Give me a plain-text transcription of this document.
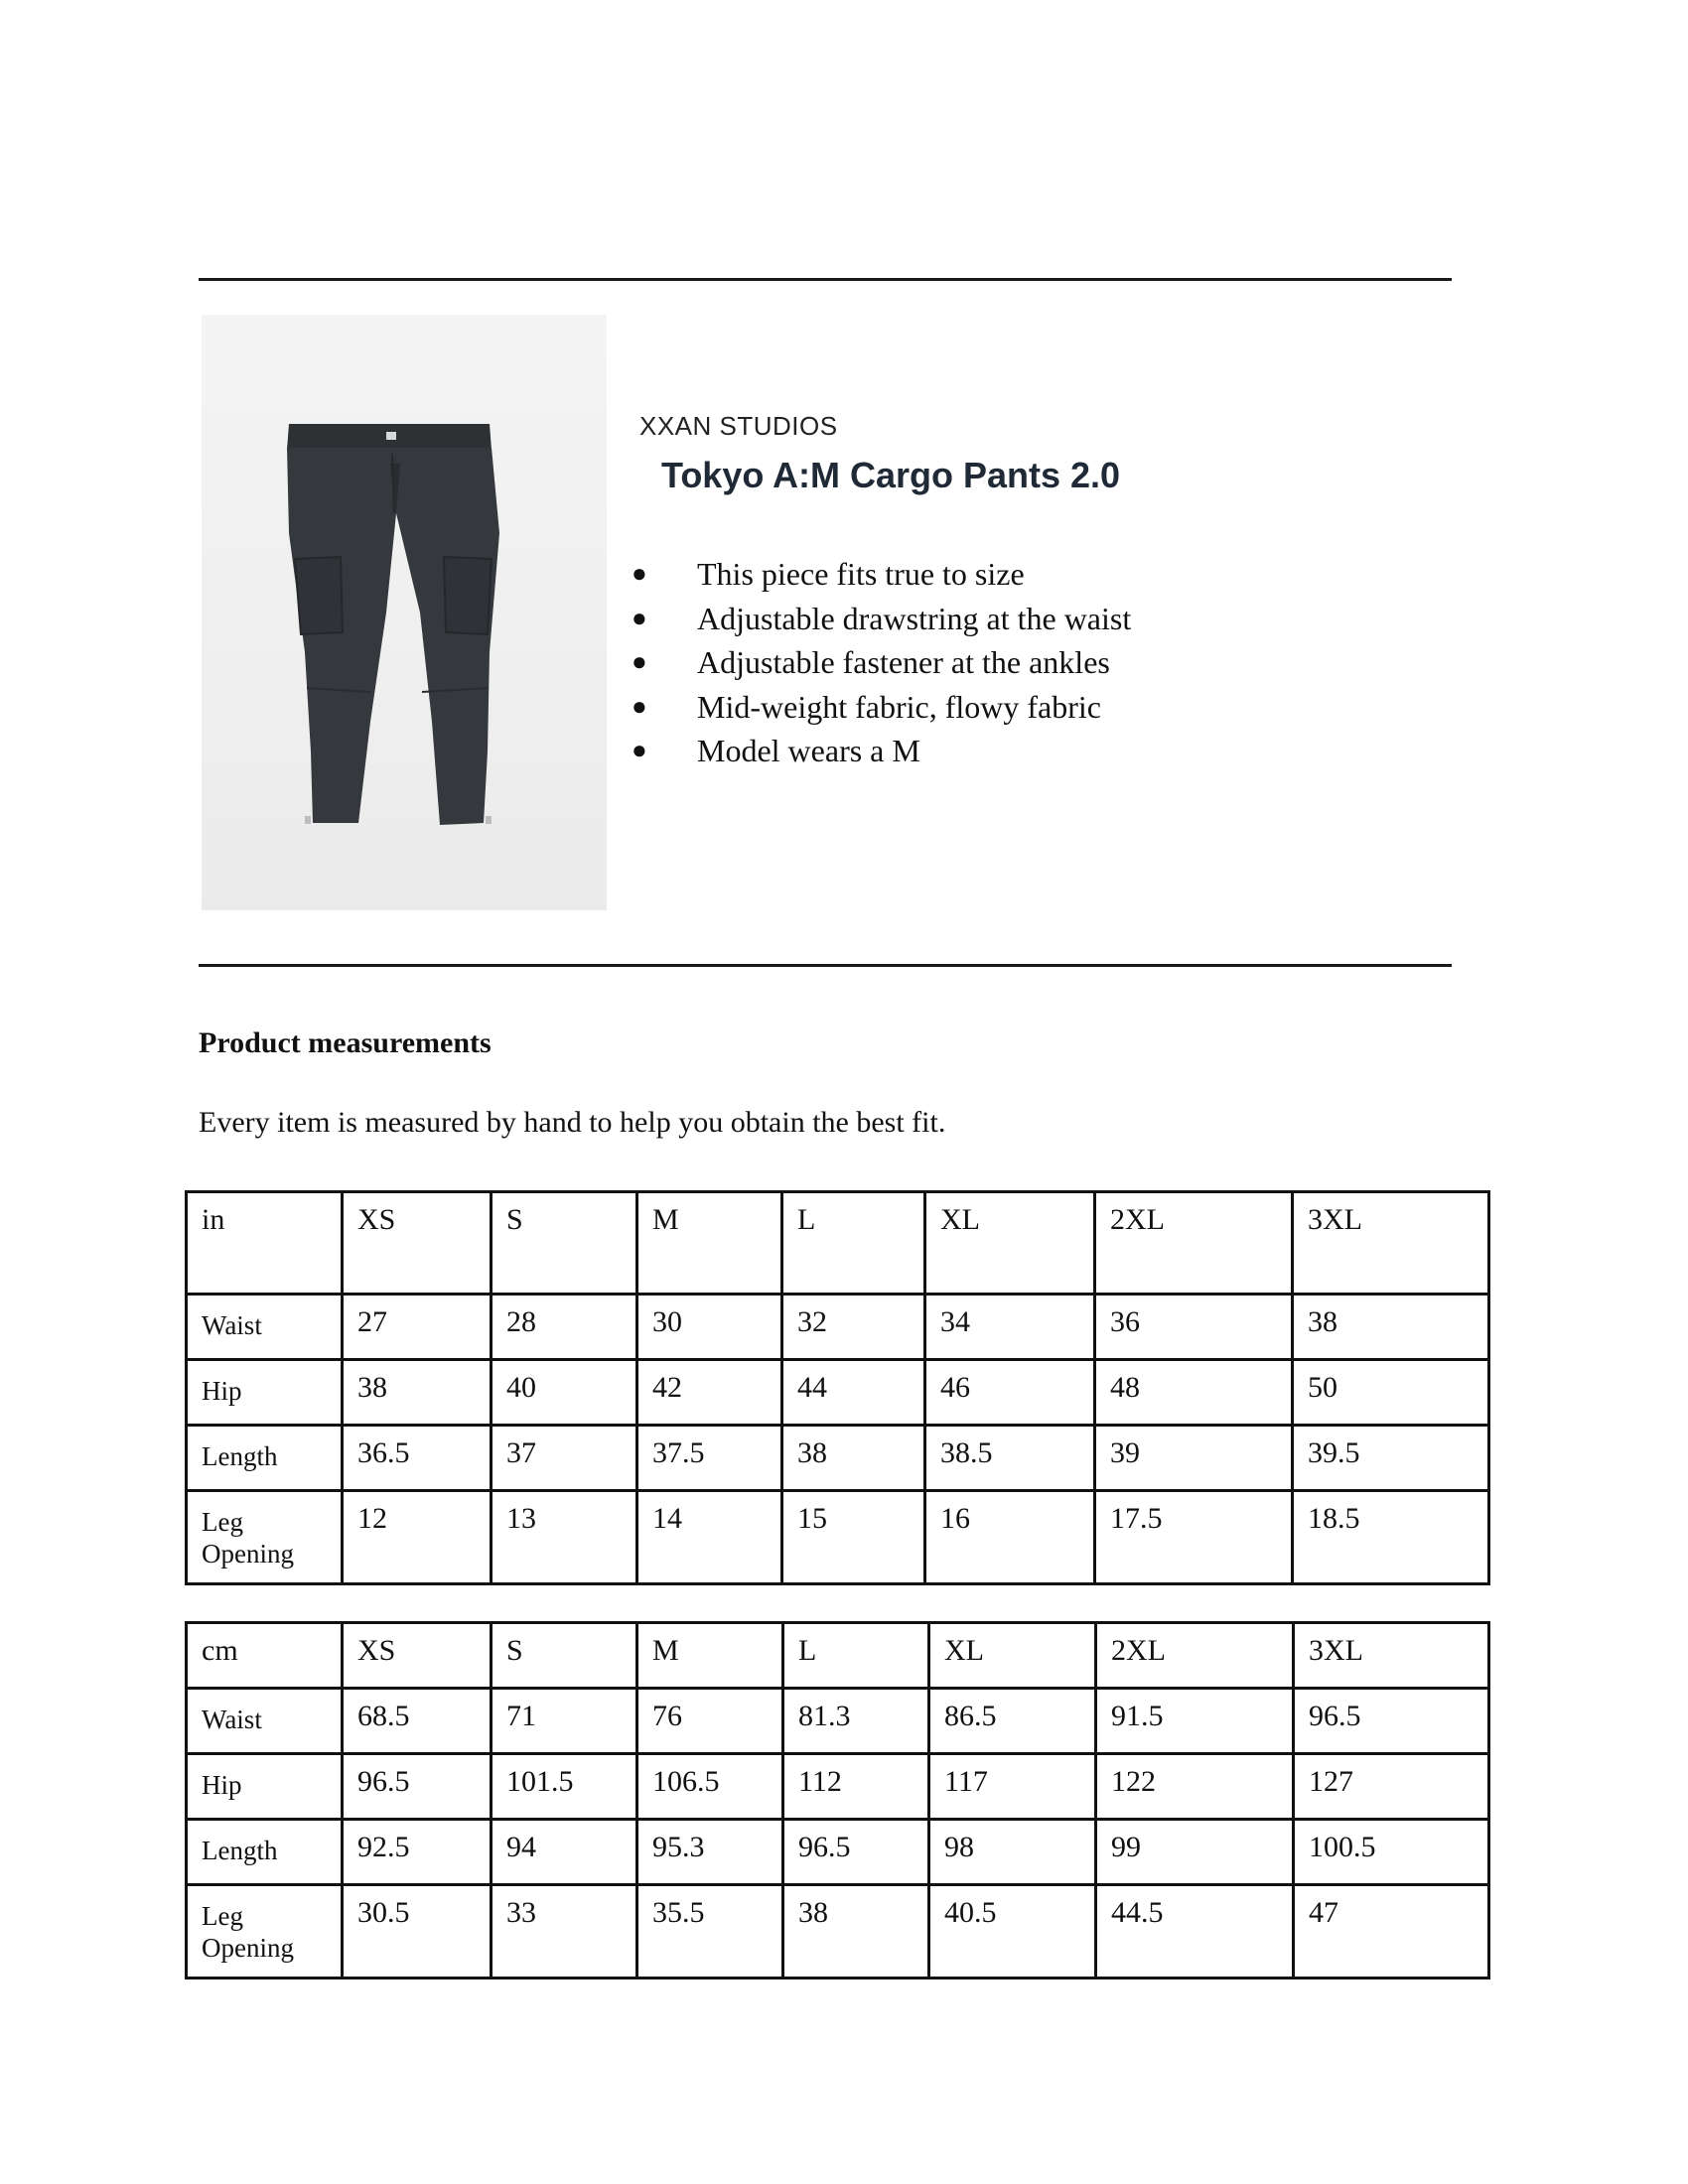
XXAN STUDIOS
Tokyo A:M Cargo Pants 2.0
● This piece fits true to size
● Adjustable drawstring at the waist
● Adjustable fastener at the ankles
● Mid-weight fabric, flowy fabric
● Model wears a M
Product measurements
Every item is measured by hand to help you obtain the best fit.
in	XS	S	M	L	XL	2XL	3XL
Waist	27	28	30	32	34	36	38
Hip	38	40	42	44	46	48	50
Length	36.5	37	37.5	38	38.5	39	39.5
Leg Opening	12	13	14	15	16	17.5	18.5
cm	XS	S	M	L	XL	2XL	3XL
Waist	68.5	71	76	81.3	86.5	91.5	96.5
Hip	96.5	101.5	106.5	112	117	122	127
Length	92.5	94	95.3	96.5	98	99	100.5
Leg Opening	30.5	33	35.5	38	40.5	44.5	47
